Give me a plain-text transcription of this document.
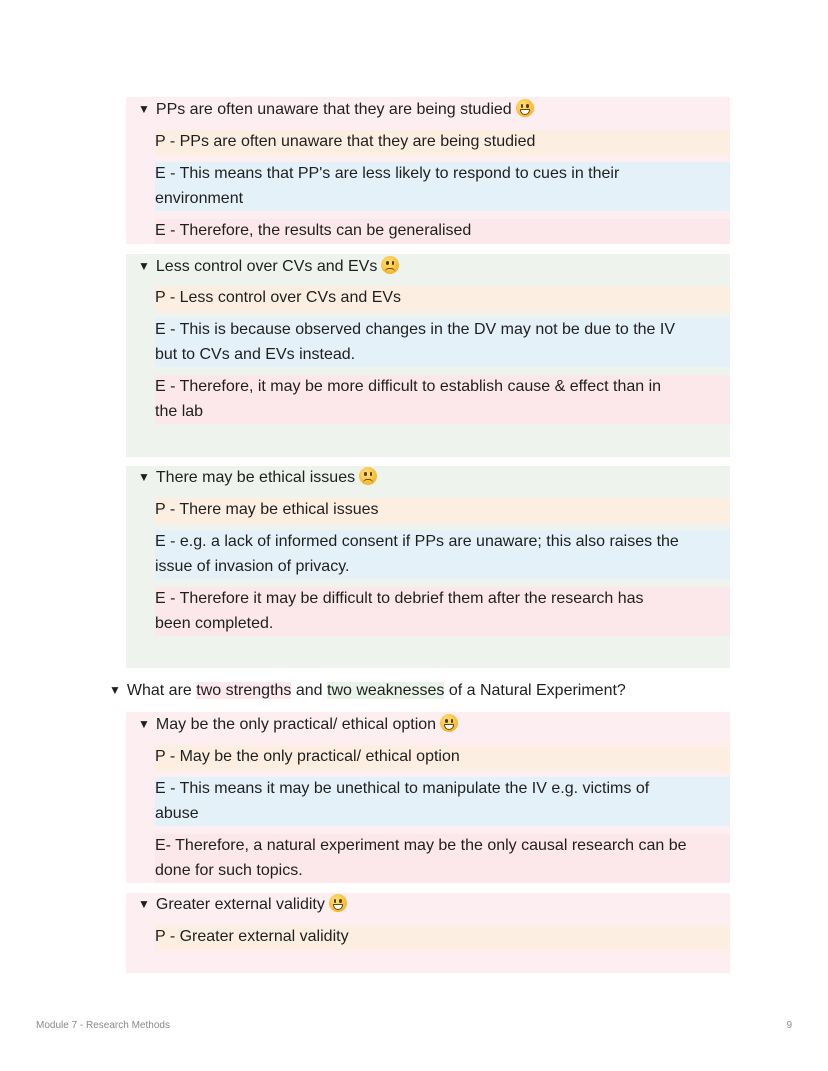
▼ PPs are often unaware that they are being studied
P - PPs are often unaware that they are being studied
E - This means that PP's are less likely to respond to cues in their
environment
E - Therefore, the results can be generalised
▼ Less control over CVs and EVs
P - Less control over CVs and EVs
E - This is because observed changes in the DV may not be due to the IV
but to CVs and EVs instead.
E - Therefore, it may be more difficult to establish cause & effect than in
the lab
▼ There may be ethical issues
P - There may be ethical issues
E - e.g. a lack of informed consent if PPs are unaware; this also raises the
issue of invasion of privacy.
E - Therefore it may be difficult to debrief them after the research has
been completed.
▼ What are two strengths and two weaknesses of a Natural Experiment?
▼ May be the only practical/ ethical option
P - May be the only practical/ ethical option
E - This means it may be unethical to manipulate the IV e.g. victims of
abuse
E- Therefore, a natural experiment may be the only causal research can be
done for such topics.
▼ Greater external validity
P - Greater external validity
Module 7 - Research Methods	9
